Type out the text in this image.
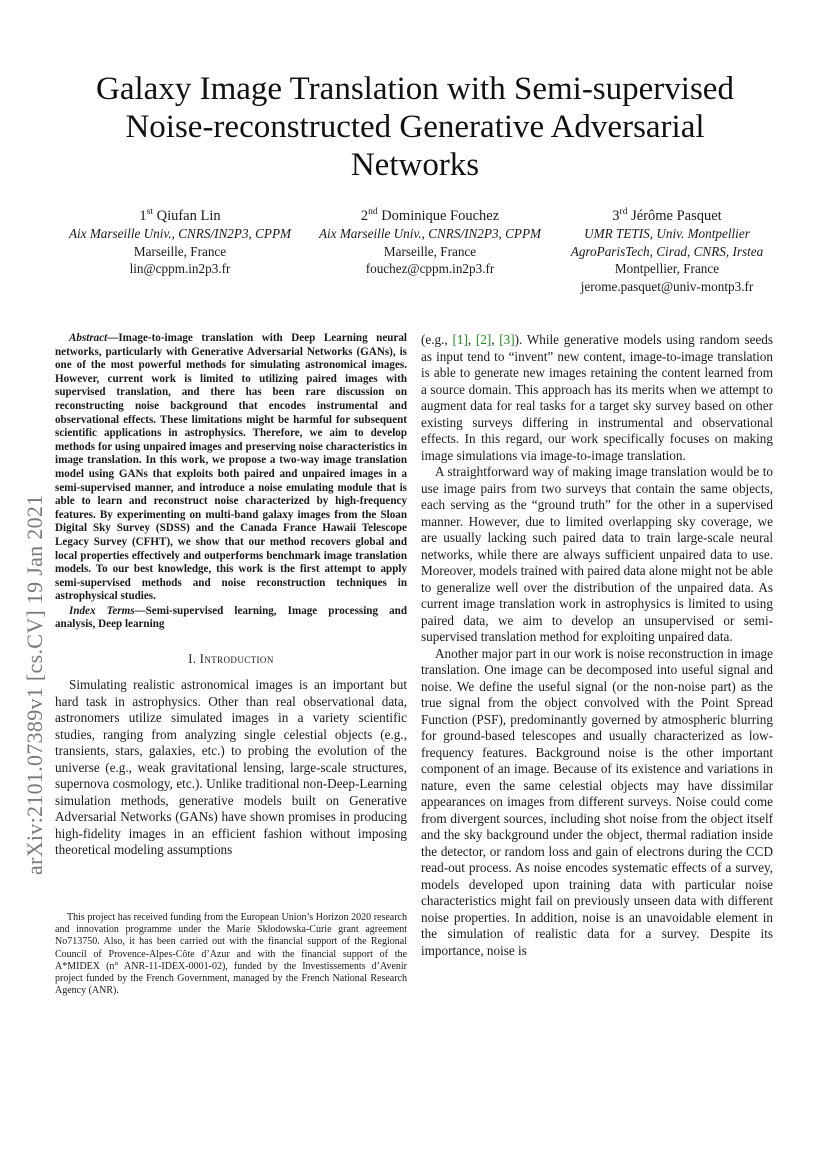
arXiv:2101.07389v1 [cs.CV] 19 Jan 2021
Galaxy Image Translation with Semi-supervised Noise-reconstructed Generative Adversarial Networks
1st Qiufan Lin
Aix Marseille Univ., CNRS/IN2P3, CPPM
Marseille, France
lin@cppm.in2p3.fr
2nd Dominique Fouchez
Aix Marseille Univ., CNRS/IN2P3, CPPM
Marseille, France
fouchez@cppm.in2p3.fr
3rd Jérôme Pasquet
UMR TETIS, Univ. Montpellier
AgroParisTech, Cirad, CNRS, Irstea
Montpellier, France
jerome.pasquet@univ-montp3.fr

Abstract—Image-to-image translation with Deep Learning neural networks, particularly with Generative Adversarial Networks (GANs), is one of the most powerful methods for simulating astronomical images. However, current work is limited to utilizing paired images with supervised translation, and there has been rare discussion on reconstructing noise background that encodes instrumental and observational effects. These limitations might be harmful for subsequent scientific applications in astrophysics. Therefore, we aim to develop methods for using unpaired images and preserving noise characteristics in image translation. In this work, we propose a two-way image translation model using GANs that exploits both paired and unpaired images in a semi-supervised manner, and introduce a noise emulating module that is able to learn and reconstruct noise characterized by high-frequency features. By experimenting on multi-band galaxy images from the Sloan Digital Sky Survey (SDSS) and the Canada France Hawaii Telescope Legacy Survey (CFHT), we show that our method recovers global and local properties effectively and outperforms benchmark image translation models. To our best knowledge, this work is the first attempt to apply semi-supervised methods and noise reconstruction techniques in astrophysical studies.

Index Terms—Semi-supervised learning, Image processing and analysis, Deep learning

I. Introduction

Simulating realistic astronomical images is an important but hard task in astrophysics. Other than real observational data, astronomers utilize simulated images in a variety scientific studies, ranging from analyzing single celestial objects (e.g., transients, stars, galaxies, etc.) to probing the evolution of the universe (e.g., weak gravitational lensing, large-scale structures, supernova cosmology, etc.). Unlike traditional non-Deep-Learning simulation methods, generative models built on Generative Adversarial Networks (GANs) have shown promises in producing high-fidelity images in an efficient fashion without imposing theoretical modeling assumptions

This project has received funding from the European Union’s Horizon 2020 research and innovation programme under the Marie Skłodowska-Curie grant agreement No713750. Also, it has been carried out with the financial support of the Regional Council of Provence-Alpes-Côte d’Azur and with the financial support of the A*MIDEX (n° ANR-11-IDEX-0001-02), funded by the Investissements d’Avenir project funded by the French Government, managed by the French National Research Agency (ANR).

(e.g., [1], [2], [3]). While generative models using random seeds as input tend to “invent” new content, image-to-image translation is able to generate new images retaining the content learned from a source domain. This approach has its merits when we attempt to augment data for real tasks for a target sky survey based on other existing surveys differing in instrumental and observational effects. In this regard, our work specifically focuses on making image simulations via image-to-image translation.

A straightforward way of making image translation would be to use image pairs from two surveys that contain the same objects, each serving as the “ground truth” for the other in a supervised manner. However, due to limited overlapping sky coverage, we are usually lacking such paired data to train large-scale neural networks, while there are always sufficient unpaired data to use. Moreover, models trained with paired data alone might not be able to generalize well over the distribution of the unpaired data. As current image translation work in astrophysics is limited to using paired data, we aim to develop an unsupervised or semi-supervised translation method for exploiting unpaired data.

Another major part in our work is noise reconstruction in image translation. One image can be decomposed into useful signal and noise. We define the useful signal (or the non-noise part) as the true signal from the object convolved with the Point Spread Function (PSF), predominantly governed by atmospheric blurring for ground-based telescopes and usually characterized as low-frequency features. Background noise is the other important component of an image. Because of its existence and variations in nature, even the same celestial objects may have dissimilar appearances on images from different surveys. Noise could come from divergent sources, including shot noise from the object itself and the sky background under the object, thermal radiation inside the detector, or random loss and gain of electrons during the CCD read-out process. As noise encodes systematic effects of a survey, models developed upon training data with particular noise characteristics might fail on previously unseen data with different noise properties. In addition, noise is an unavoidable element in the simulation of realistic data for a survey. Despite its importance, noise is
